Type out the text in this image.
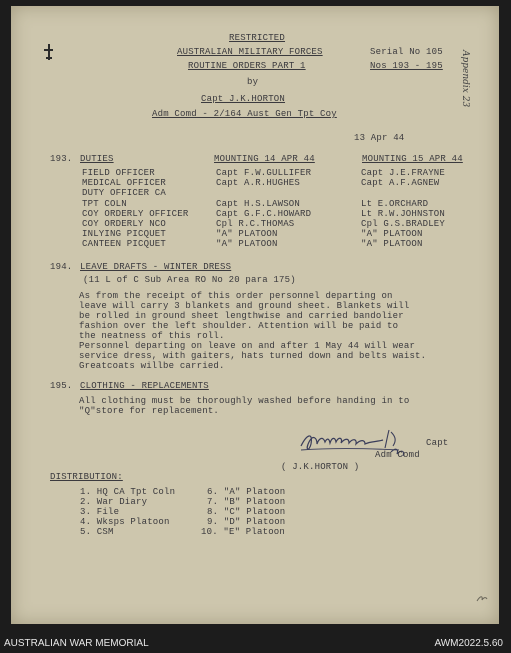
RESTRICTED
AUSTRALIAN MILITARY FORCES
ROUTINE ORDERS PART 1
by
Capt J.K.HORTON
Adm Comd - 2/164 Aust Gen Tpt Coy
Serial No 105
Nos 193 - 195
13 Apr 44
193. DUTIES	MOUNTING 14 APR 44	MOUNTING 15 APR 44
FIELD OFFICER	Capt F.W.GULLIFER	Capt J.E.FRAYNE
MEDICAL OFFICER	Capt A.R.HUGHES	Capt A.F.AGNEW
DUTY OFFICER CA
TPT COLN	Capt H.S.LAWSON	Lt E.ORCHARD
COY ORDERLY OFFICER	Capt G.F.C.HOWARD	Lt R.W.JOHNSTON
COY ORDERLY NCO	Cpl R.C.THOMAS	Cpl G.S.BRADLEY
INLYING PICQUET	"A" PLATOON	"A" PLATOON
CANTEEN PICQUET	"A" PLATOON	"A" PLATOON
194. LEAVE DRAFTS - WINTER DRESS
(11 L of C Sub Area RO No 20 para 175)
As from the receipt of this order personnel departing on
leave will carry 3 blankets and ground sheet. Blankets will
be rolled in ground sheet lengthwise and carried bandolier
fashion over the left shoulder. Attention will be paid to
the neatness of this roll.
Personnel departing on leave on and after 1 May 44 will wear
service dress, with gaiters, hats turned down and belts waist.
Greatcoats willbe carried.
195. CLOTHING - REPLACEMENTS
All clothing must be thoroughly washed before handing in to
"Q"store for replacement.
Capt
Adm Comd
( J.K.HORTON )
DISTRIBUTION:
1. HQ CA Tpt Coln
2. War Diary
3. File
4. Wksps Platoon
5. CSM
6. "A" Platoon
7. "B" Platoon
8. "C" Platoon
9. "D" Platoon
10. "E" Platoon
Appendix 23
AUSTRALIAN WAR MEMORIAL	AWM2022.5.60
